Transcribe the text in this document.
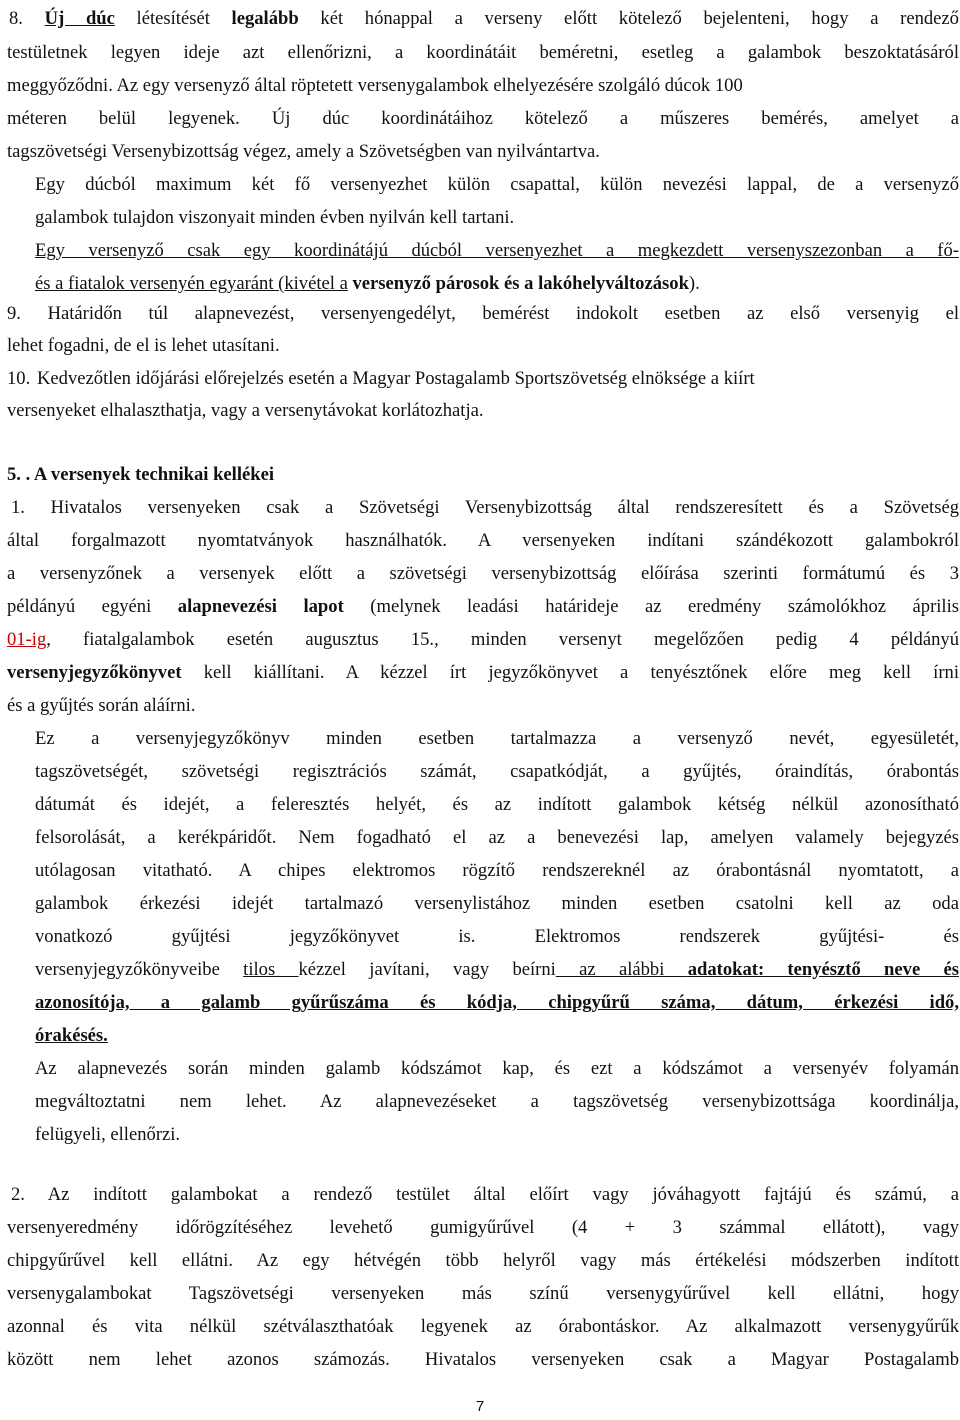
8. Új dúc létesítését legalább két hónappal a verseny előtt kötelező bejelenteni, hogy a rendező
testületnek legyen ideje azt ellenőrizni, a koordinátáit beméretni, esetleg a galambok beszoktatásáról
meggyőződni. Az egy versenyző által röptetett versenygalambok elhelyezésére szolgáló dúcok 100
méteren belül legyenek. Új dúc koordinátáihoz kötelező a műszeres bemérés, amelyet a
tagszövetségi Versenybizottság végez, amely a Szövetségben van nyilvántartva.
Egy dúcból maximum két fő versenyezhet külön csapattal, külön nevezési lappal, de a versenyző
galambok tulajdon viszonyait minden évben nyilván kell tartani.
Egy versenyző csak egy koordinátájú dúcból versenyezhet a megkezdett versenyszezonban a fő-
és a fiatalok versenyén egyaránt (kivétel a versenyző párosok és a lakóhelyváltozások).
9. Határidőn túl alapnevezést, versenyengedélyt, bemérést indokolt esetben az első versenyig el
lehet fogadni, de el is lehet utasítani.
10. Kedvezőtlen időjárási előrejelzés esetén a Magyar Postagalamb Sportszövetség elnöksége a kiírt
versenyeket elhalaszthatja, vagy a versenytávokat korlátozhatja.
5. . A versenyek technikai kellékei
1. Hivatalos versenyeken csak a Szövetségi Versenybizottság által rendszeresített és a Szövetség
által forgalmazott nyomtatványok használhatók. A versenyeken indítani szándékozott galambokról
a versenyzőnek a versenyek előtt a szövetségi versenybizottság előírása szerinti formátumú és 3
példányú egyéni alapnevezési lapot (melynek leadási határideje az eredmény számolókhoz április
01-ig, fiatalgalambok esetén augusztus 15., minden versenyt megelőzően pedig 4 példányú
versenyjegyzőkönyvet kell kiállítani. A kézzel írt jegyzőkönyvet a tenyésztőnek előre meg kell írni
és a gyűjtés során aláírni.
Ez a versenyjegyzőkönyv minden esetben tartalmazza a versenyző nevét, egyesületét,
tagszövetségét, szövetségi regisztrációs számát, csapatkódját, a gyűjtés, óraindítás, órabontás
dátumát és idejét, a feleresztés helyét, és az indított galambok kétség nélkül azonosítható
felsorolását, a kerékpáridőt. Nem fogadható el az a benevezési lap, amelyen valamely bejegyzés
utólagosan vitatható. A chipes elektromos rögzítő rendszereknél az órabontásnál nyomtatott, a
galambok érkezési idejét tartalmazó versenylistához minden esetben csatolni kell az oda
vonatkozó gyűjtési jegyzőkönyvet is. Elektromos rendszerek gyűjtési- és
versenyjegyzőkönyveibe tilos kézzel javítani, vagy beírni az alábbi adatokat: tenyésztő neve és
azonosítója, a galamb gyűrűszáma és kódja, chipgyűrű száma, dátum, érkezési idő,
órakésés.
Az alapnevezés során minden galamb kódszámot kap, és ezt a kódszámot a versenyév folyamán
megváltoztatni nem lehet. Az alapnevezéseket a tagszövetség versenybizottsága koordinálja,
felügyeli, ellenőrzi.
2. Az indított galambokat a rendező testület által előírt vagy jóváhagyott fajtájú és számú, a
versenyeredmény időrögzítéséhez levehető gumigyűrűvel (4 + 3 számmal ellátott), vagy
chipgyűrűvel kell ellátni. Az egy hétvégén több helyről vagy más értékelési módszerben indított
versenygalambokat Tagszövetségi versenyeken más színű versenygyűrűvel kell ellátni, hogy
azonnal és vita nélkül szétválaszthatóak legyenek az órabontáskor. Az alkalmazott versenygyűrűk
között nem lehet azonos számozás. Hivatalos versenyeken csak a Magyar Postagalamb
7
